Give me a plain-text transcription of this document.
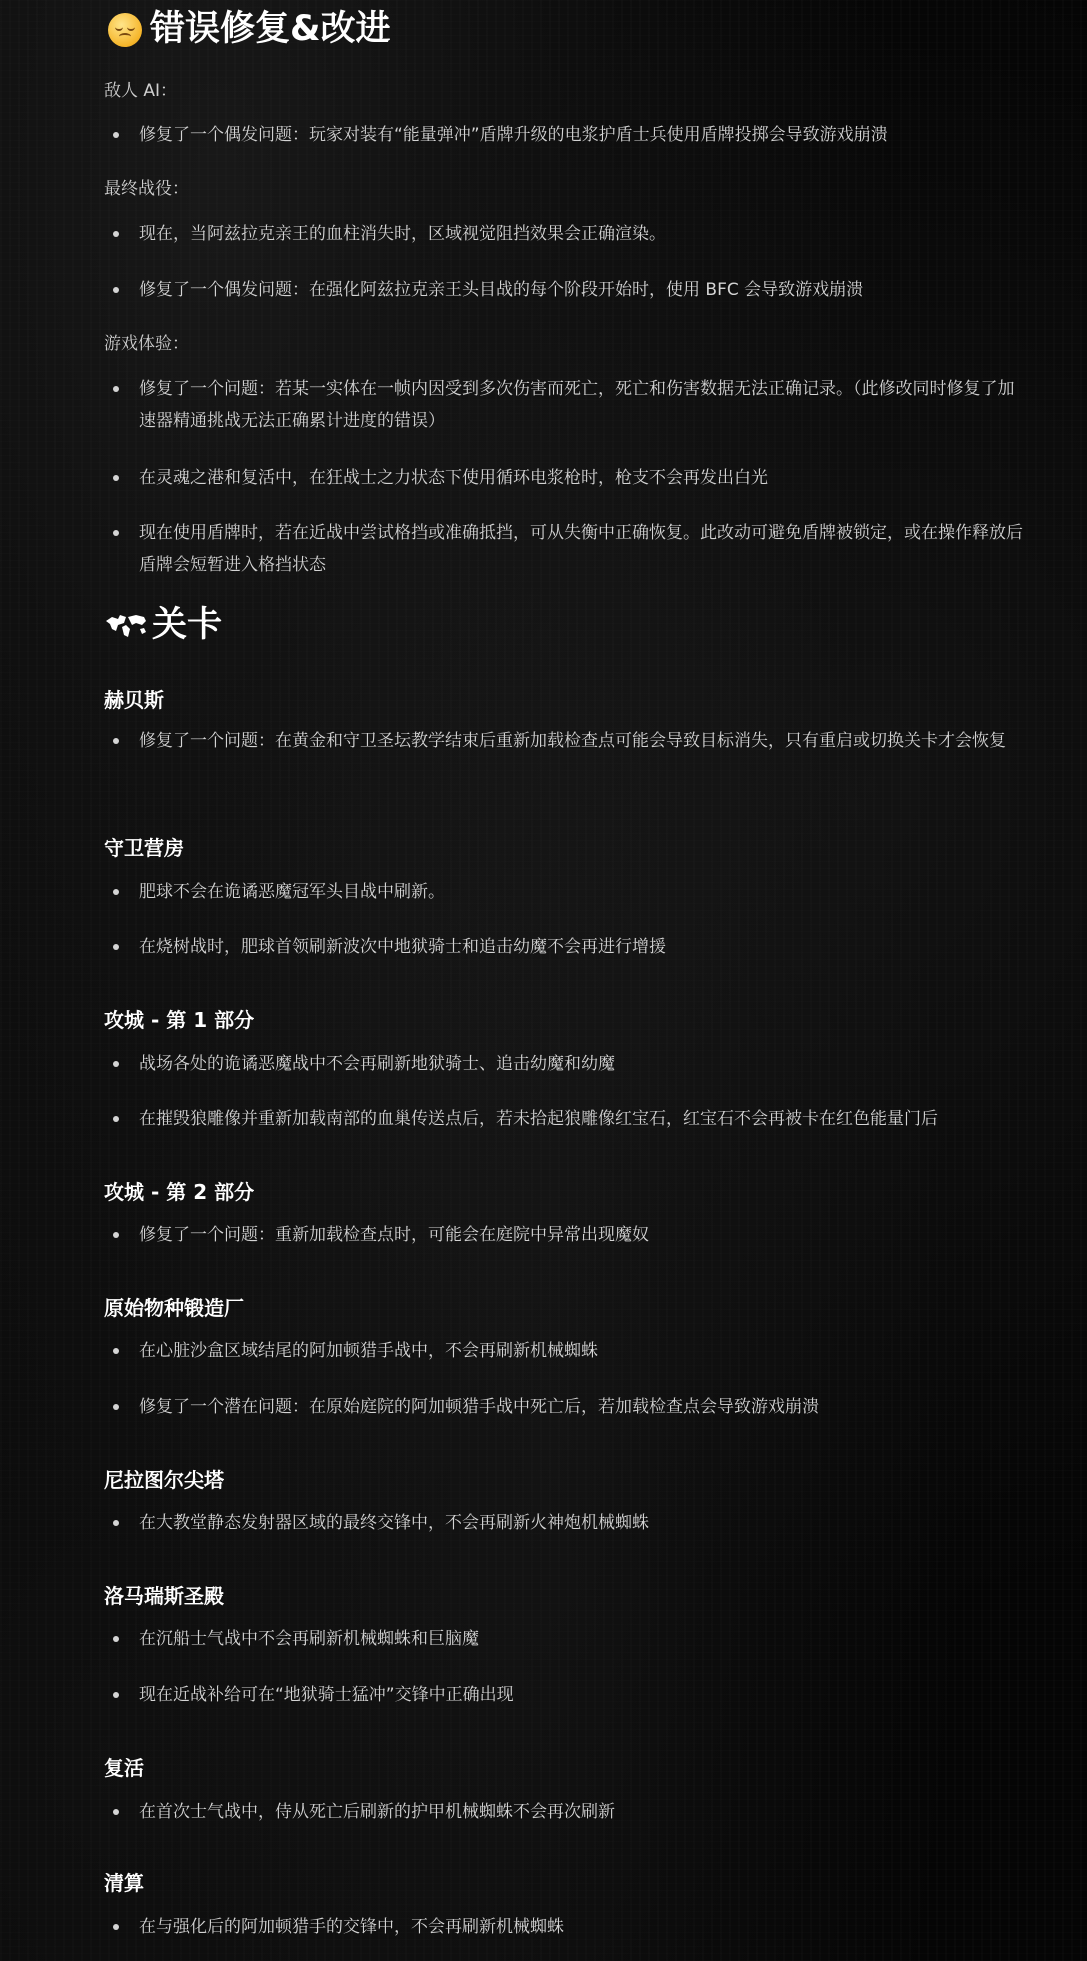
错误修复&改进

敌人 AI：

修复了一个偶发问题：玩家对装有“能量弹冲”盾牌升级的电浆护盾士兵使用盾牌投掷会导致游戏崩溃

最终战役：

现在，当阿兹拉克亲王的血柱消失时，区域视觉阻挡效果会正确渲染。
修复了一个偶发问题：在强化阿兹拉克亲王头目战的每个阶段开始时，使用 BFC 会导致游戏崩溃

游戏体验：

修复了一个问题：若某一实体在一帧内因受到多次伤害而死亡，死亡和伤害数据无法正确记录。（此修改同时修复了加速器精通挑战无法正确累计进度的错误）
在灵魂之港和复活中，在狂战士之力状态下使用循环电浆枪时，枪支不会再发出白光
现在使用盾牌时，若在近战中尝试格挡或准确抵挡，可从失衡中正确恢复。此改动可避免盾牌被锁定，或在操作释放后盾牌会短暂进入格挡状态
关卡
赫贝斯
修复了一个问题：在黄金和守卫圣坛教学结束后重新加载检查点可能会导致目标消失，只有重启或切换关卡才会恢复
守卫营房
肥球不会在诡谲恶魔冠军头目战中刷新。
在烧树战时，肥球首领刷新波次中地狱骑士和追击幼魔不会再进行增援
攻城 - 第 1 部分
战场各处的诡谲恶魔战中不会再刷新地狱骑士、追击幼魔和幼魔
在摧毁狼雕像并重新加载南部的血巢传送点后，若未拾起狼雕像红宝石，红宝石不会再被卡在红色能量门后
攻城 - 第 2 部分
修复了一个问题：重新加载检查点时，可能会在庭院中异常出现魔奴
原始物种锻造厂
在心脏沙盒区域结尾的阿加顿猎手战中，不会再刷新机械蜘蛛
修复了一个潜在问题：在原始庭院的阿加顿猎手战中死亡后，若加载检查点会导致游戏崩溃
尼拉图尔尖塔
在大教堂静态发射器区域的最终交锋中，不会再刷新火神炮机械蜘蛛
洛马瑞斯圣殿
在沉船士气战中不会再刷新机械蜘蛛和巨脑魔
现在近战补给可在“地狱骑士猛冲”交锋中正确出现
复活
在首次士气战中，侍从死亡后刷新的护甲机械蜘蛛不会再次刷新
清算
在与强化后的阿加顿猎手的交锋中，不会再刷新机械蜘蛛
